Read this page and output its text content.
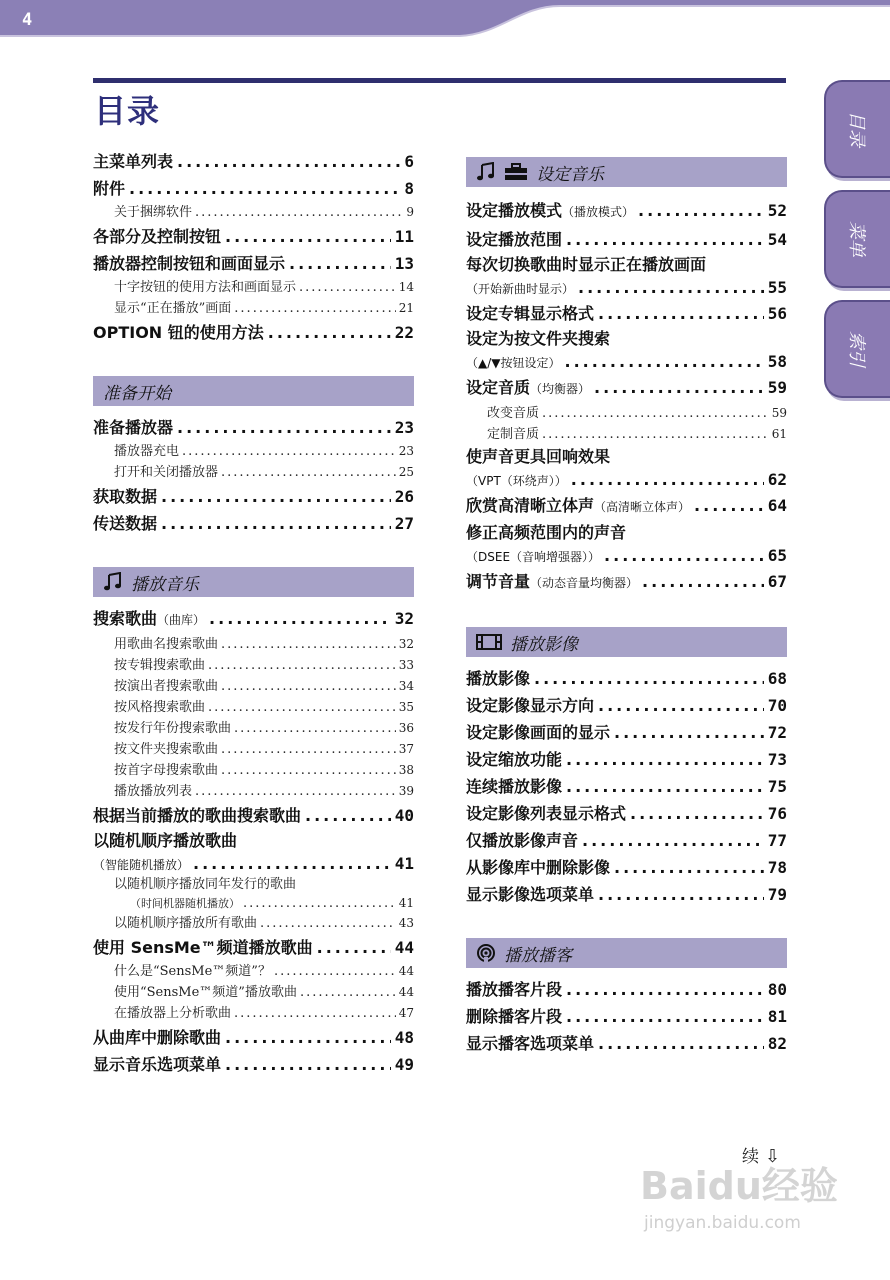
4
目录	目录
菜单
索引
主菜单列表 .....	6
附件 .....	8
关于捆绑软件 .....	9
各部分及控制按钮 .....	11
播放器控制按钮和画面显示 .....	13
十字按钮的使用方法和画面显示 .....	14
显示“正在播放”画面 .....	21
OPTION 钮的使用方法 .....	22
准备开始
准备播放器 .....	23
播放器充电 .....	23
打开和关闭播放器 .....	25
获取数据 .....	26
传送数据 .....	27
播放音乐
搜索歌曲 （曲库） .....	32
用歌曲名搜索歌曲 .....	32
按专辑搜索歌曲 .....	33
按演出者搜索歌曲 .....	34
按风格搜索歌曲 .....	35
按发行年份搜索歌曲 .....	36
按文件夹搜索歌曲 .....	37
按首字母搜索歌曲 .....	38
播放播放列表 .....	39
根据当前播放的歌曲搜索歌曲 .....	40
以随机顺序播放歌曲
（智能随机播放） .....	41
以随机顺序播放同年发行的歌曲
（时间机器随机播放） .....	41
以随机顺序播放所有歌曲 .....	43
使用 SensMe™频道播放歌曲 .....	44
什么是“SensMe™频道”？ .....	44
使用“SensMe™频道”播放歌曲 .....	44
在播放器上分析歌曲 .....	47
从曲库中删除歌曲 .....	48
显示音乐选项菜单 .....	49
设定音乐
设定播放模式 （播放模式） .....	52
设定播放范围 .....	54
每次切换歌曲时显示正在播放画面
（开始新曲时显示） .....	55
设定专辑显示格式 .....	56
设定为按文件夹搜索
（▲/▼按钮设定） .....	58
设定音质 （均衡器） .....	59
改变音质 .....	59
定制音质 .....	61
使声音更具回响效果
（VPT（环绕声）） .....	62
欣赏高清晰立体声 （高清晰立体声） .....	64
修正高频范围内的声音
（DSEE（音响增强器）） .....	65
调节音量 （动态音量均衡器） .....	67
播放影像
播放影像 .....	68
设定影像显示方向 .....	70
设定影像画面的显示 .....	72
设定缩放功能 .....	73
连续播放影像 .....	75
设定影像列表显示格式 .....	76
仅播放影像声音 .....	77
从影像库中删除影像 .....	78
显示影像选项菜单 .....	79
播放播客
播放播客片段 .....	80
删除播客片段 .....	81
显示播客选项菜单 .....	82
续 ⇩
Baidu经验
jingyan.baidu.com
